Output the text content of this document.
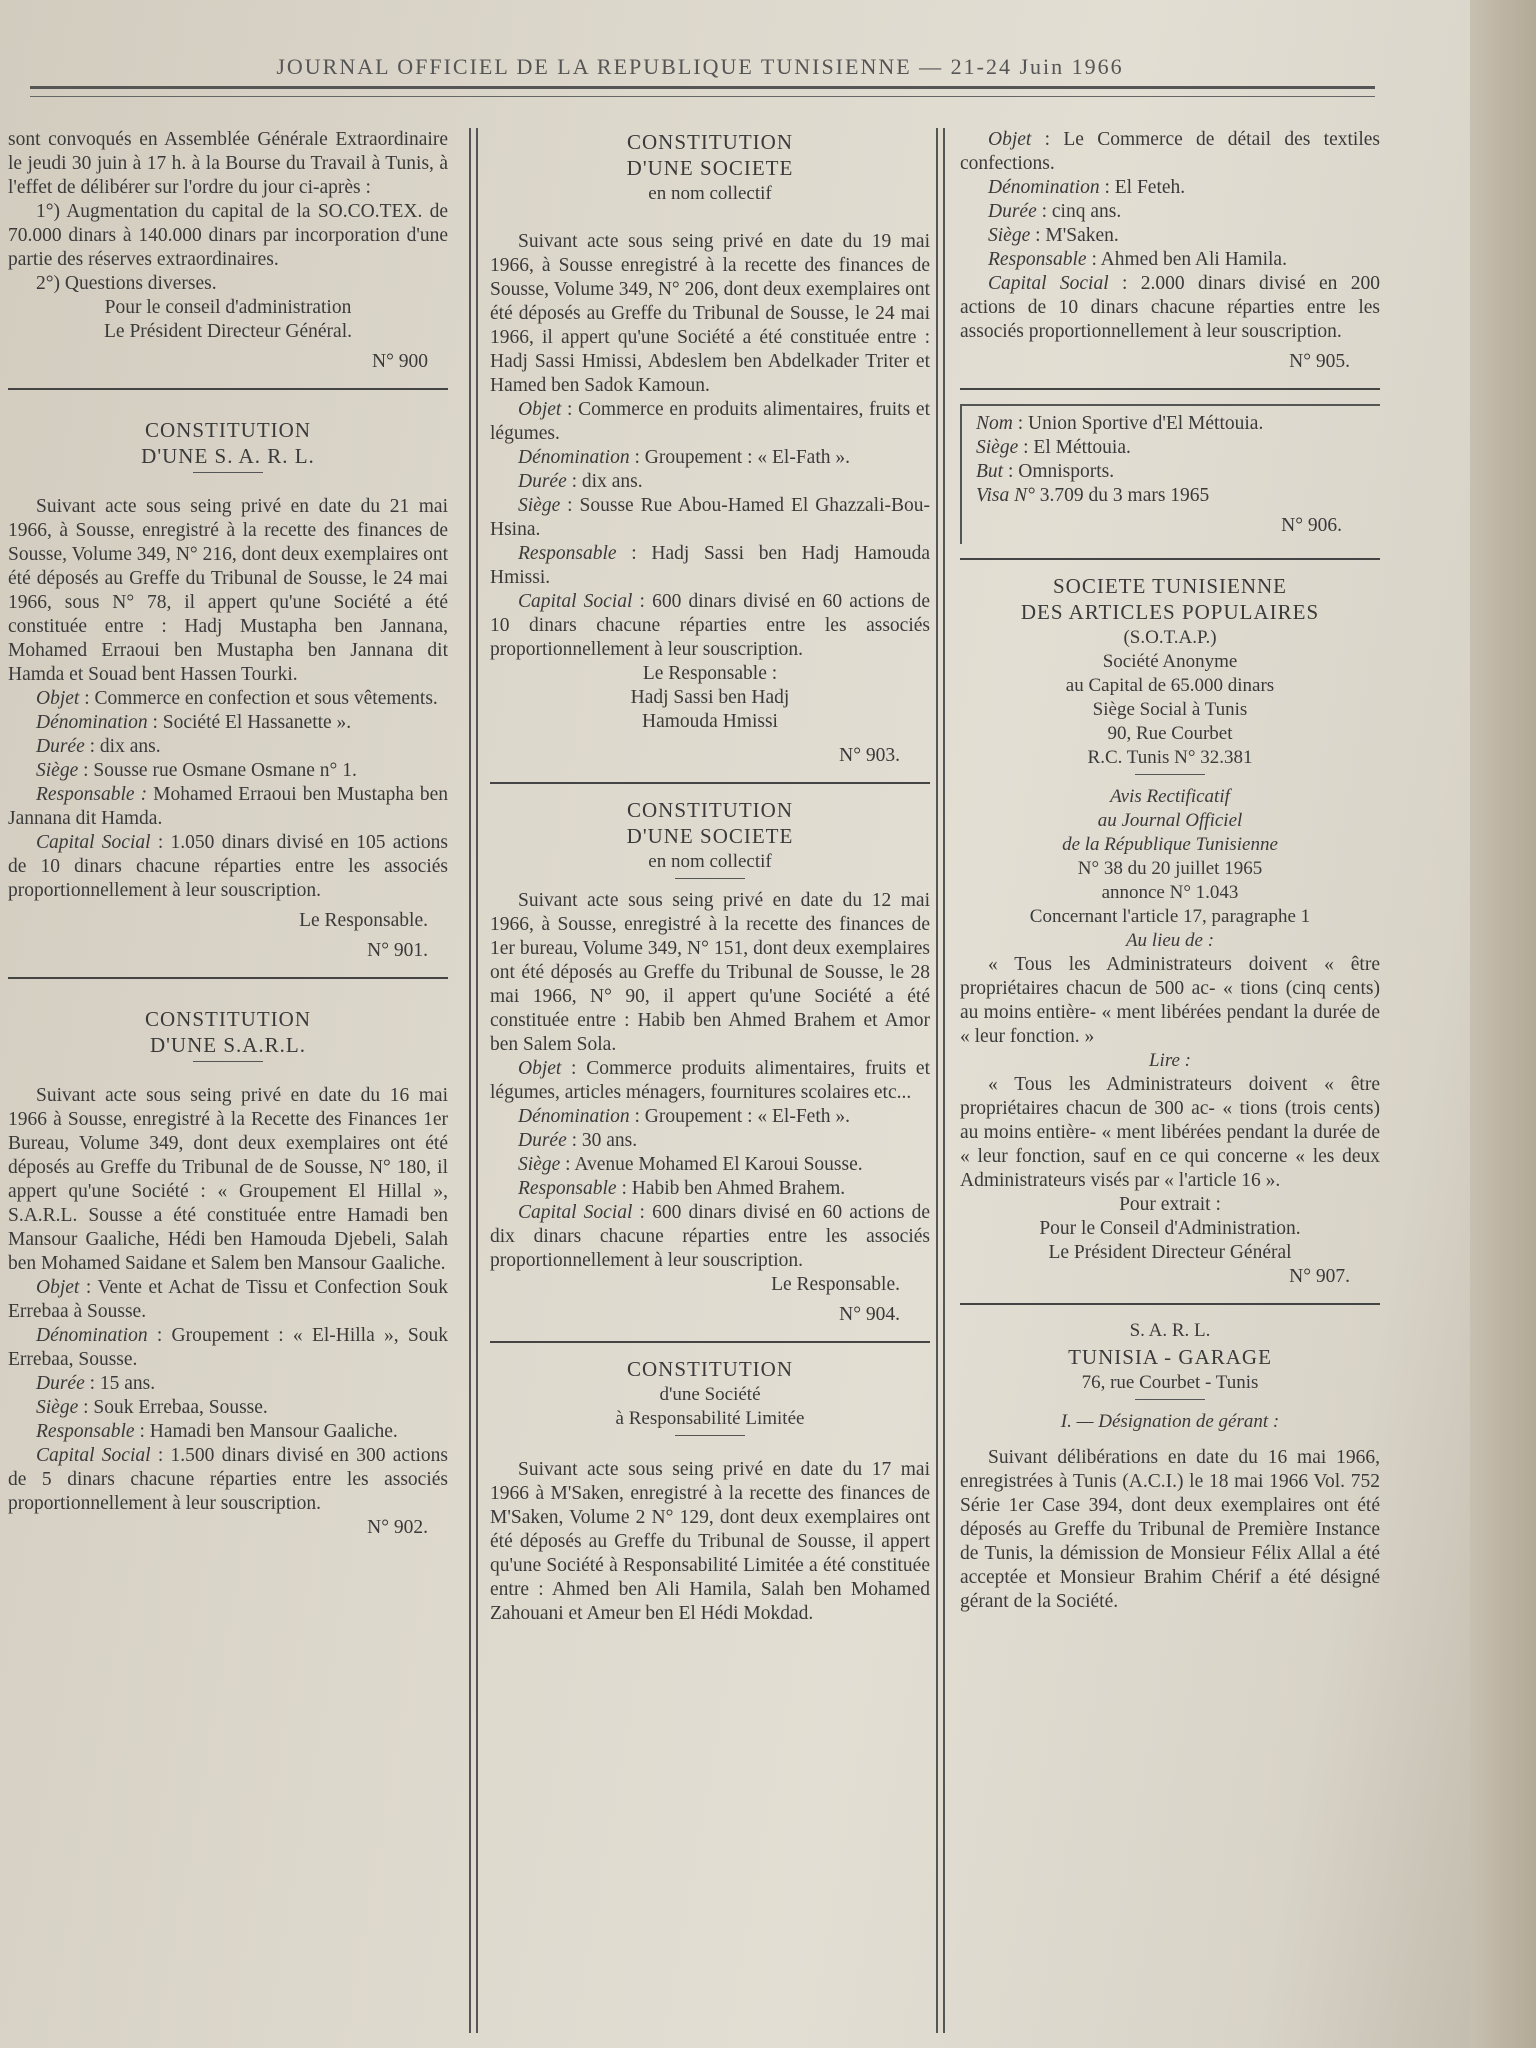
JOURNAL OFFICIEL DE LA REPUBLIQUE TUNISIENNE — 21-24 Juin 1966

sont convoqués en Assemblée Générale Extraordinaire le jeudi 30 juin à 17 h. à la Bourse du Travail à Tunis, à l'effet de délibérer sur l'ordre du jour ci-après :

1°) Augmentation du capital de la SO.CO.TEX. de 70.000 dinars à 140.000 dinars par incorporation d'une partie des réserves extraordinaires.

2°) Questions diverses.

Pour le conseil d'administration

Le Président Directeur Général.

N° 900

CONSTITUTION
D'UNE S. A. R. L.

Suivant acte sous seing privé en date du 21 mai 1966, à Sousse, enregistré à la recette des finances de Sousse, Volume 349, N° 216, dont deux exemplaires ont été déposés au Greffe du Tribunal de Sousse, le 24 mai 1966, sous N° 78, il appert qu'une Société a été constituée entre : Hadj Mustapha ben Jannana, Mohamed Erraoui ben Mustapha ben Jannana dit Hamda et Souad bent Hassen Tourki.

Objet : Commerce en confection et sous vêtements.

Dénomination : Société El Hassanette ».

Durée : dix ans.

Siège : Sousse rue Osmane Osmane n° 1.

Responsable : Mohamed Erraoui ben Mustapha ben Jannana dit Hamda.

Capital Social : 1.050 dinars divisé en 105 actions de 10 dinars chacune réparties entre les associés proportionnellement à leur souscription.

Le Responsable.

N° 901.

CONSTITUTION
D'UNE S.A.R.L.

Suivant acte sous seing privé en date du 16 mai 1966 à Sousse, enregistré à la Recette des Finances 1er Bureau, Volume 349, dont deux exemplaires ont été déposés au Greffe du Tribunal de de Sousse, N° 180, il appert qu'une Société : « Groupement El Hillal », S.A.R.L. Sousse a été constituée entre Hamadi ben Mansour Gaaliche, Hédi ben Hamouda Djebeli, Salah ben Mohamed Saidane et Salem ben Mansour Gaaliche.

Objet : Vente et Achat de Tissu et Confection Souk Errebaa à Sousse.

Dénomination : Groupement : « El-Hilla », Souk Errebaa, Sousse.

Durée : 15 ans.

Siège : Souk Errebaa, Sousse.

Responsable : Hamadi ben Mansour Gaaliche.

Capital Social : 1.500 dinars divisé en 300 actions de 5 dinars chacune réparties entre les associés proportionnellement à leur souscription.

N° 902.

CONSTITUTION
D'UNE SOCIETE
en nom collectif

Suivant acte sous seing privé en date du 19 mai 1966, à Sousse enregistré à la recette des finances de Sousse, Volume 349, N° 206, dont deux exemplaires ont été déposés au Greffe du Tribunal de Sousse, le 24 mai 1966, il appert qu'une Société a été constituée entre : Hadj Sassi Hmissi, Abdeslem ben Abdelkader Triter et Hamed ben Sadok Kamoun.

Objet : Commerce en produits alimentaires, fruits et légumes.

Dénomination : Groupement : « El-Fath ».

Durée : dix ans.

Siège : Sousse Rue Abou-Hamed El Ghazzali-Bou-Hsina.

Responsable : Hadj Sassi ben Hadj Hamouda Hmissi.

Capital Social : 600 dinars divisé en 60 actions de 10 dinars chacune réparties entre les associés proportionnellement à leur souscription.

Le Responsable :

Hadj Sassi ben Hadj

Hamouda Hmissi

N° 903.

CONSTITUTION
D'UNE SOCIETE
en nom collectif

Suivant acte sous seing privé en date du 12 mai 1966, à Sousse, enregistré à la recette des finances de 1er bureau, Volume 349, N° 151, dont deux exemplaires ont été déposés au Greffe du Tribunal de Sousse, le 28 mai 1966, N° 90, il appert qu'une Société a été constituée entre : Habib ben Ahmed Brahem et Amor ben Salem Sola.

Objet : Commerce produits alimentaires, fruits et légumes, articles ménagers, fournitures scolaires etc...

Dénomination : Groupement : « El-Feth ».

Durée : 30 ans.

Siège : Avenue Mohamed El Karoui Sousse.

Responsable : Habib ben Ahmed Brahem.

Capital Social : 600 dinars divisé en 60 actions de dix dinars chacune réparties entre les associés proportionnellement à leur souscription.

Le Responsable.

N° 904.

CONSTITUTION
d'une Société
à Responsabilité Limitée

Suivant acte sous seing privé en date du 17 mai 1966 à M'Saken, enregistré à la recette des finances de M'Saken, Volume 2 N° 129, dont deux exemplaires ont été déposés au Greffe du Tribunal de Sousse, il appert qu'une Société à Responsabilité Limitée a été constituée entre : Ahmed ben Ali Hamila, Salah ben Mohamed Zahouani et Ameur ben El Hédi Mokdad.

Objet : Le Commerce de détail des textiles confections.

Dénomination : El Feteh.

Durée : cinq ans.

Siège : M'Saken.

Responsable : Ahmed ben Ali Hamila.

Capital Social : 2.000 dinars divisé en 200 actions de 10 dinars chacune réparties entre les associés proportionnellement à leur souscription.

N° 905.

Nom : Union Sportive d'El Méttouia.

Siège : El Méttouia.

But : Omnisports.

Visa N° 3.709 du 3 mars 1965

N° 906.

SOCIETE TUNISIENNE
DES ARTICLES POPULAIRES
(S.O.T.A.P.)
Société Anonyme
au Capital de 65.000 dinars
Siège Social à Tunis
90, Rue Courbet
R.C. Tunis N° 32.381
Avis Rectificatif
au Journal Officiel
de la République Tunisienne
N° 38 du 20 juillet 1965
annonce N° 1.043
Concernant l'article 17, paragraphe 1
Au lieu de :

« Tous les Administrateurs doivent « être propriétaires chacun de 500 ac- « tions (cinq cents) au moins entière- « ment libérées pendant la durée de « leur fonction. »

Lire :

« Tous les Administrateurs doivent « être propriétaires chacun de 300 ac- « tions (trois cents) au moins entière- « ment libérées pendant la durée de « leur fonction, sauf en ce qui concerne « les deux Administrateurs visés par « l'article 16 ».

Pour extrait :

Pour le Conseil d'Administration.

Le Président Directeur Général

N° 907.

S. A. R. L.
TUNISIA - GARAGE
76, rue Courbet - Tunis
I. — Désignation de gérant :

Suivant délibérations en date du 16 mai 1966, enregistrées à Tunis (A.C.I.) le 18 mai 1966 Vol. 752 Série 1er Case 394, dont deux exemplaires ont été déposés au Greffe du Tribunal de Première Instance de Tunis, la démission de Monsieur Félix Allal a été acceptée et Monsieur Brahim Chérif a été désigné gérant de la Société.
